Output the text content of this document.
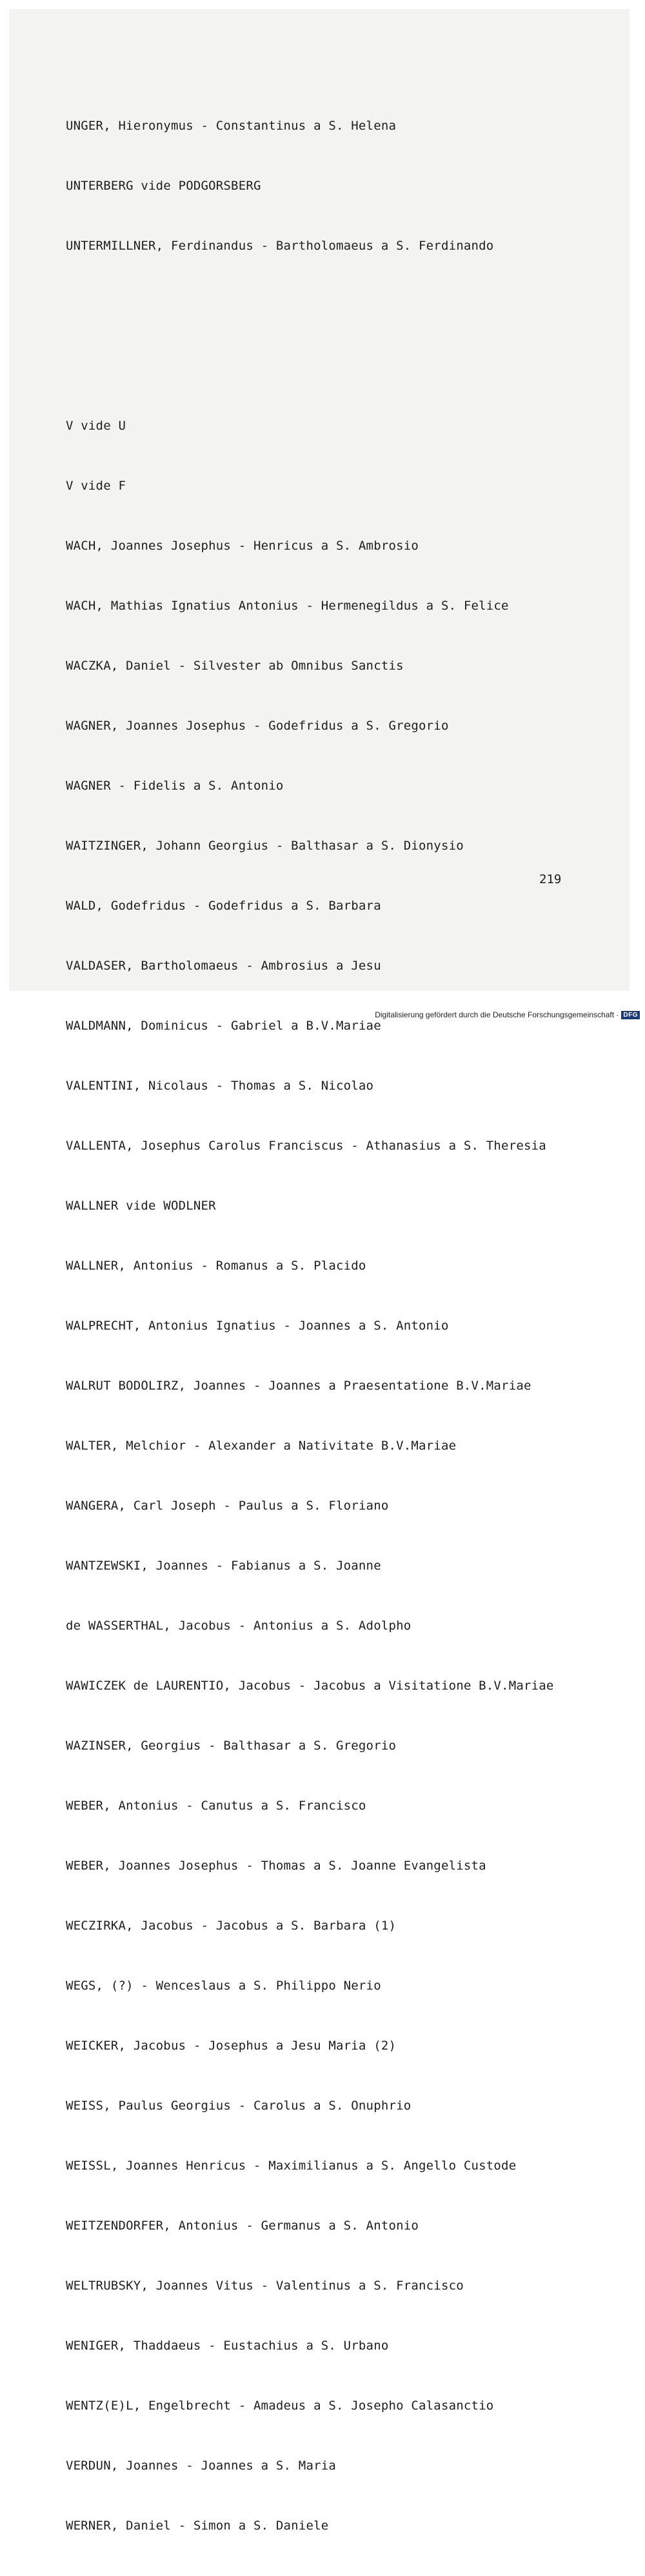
UNGER, Hieronymus - Constantinus a S. Helena

UNTERBERG vide PODGORSBERG

UNTERMILLNER, Ferdinandus - Bartholomaeus a S. Ferdinando

V vide U

V vide F

WACH, Joannes Josephus - Henricus a S. Ambrosio

WACH, Mathias Ignatius Antonius - Hermenegildus a S. Felice

WACZKA, Daniel - Silvester ab Omnibus Sanctis

WAGNER, Joannes Josephus - Godefridus a S. Gregorio

WAGNER - Fidelis a S. Antonio

WAITZINGER, Johann Georgius - Balthasar a S. Dionysio

WALD, Godefridus - Godefridus a S. Barbara

VALDASER, Bartholomaeus - Ambrosius a Jesu

WALDMANN, Dominicus - Gabriel a B.V.Mariae

VALENTINI, Nicolaus - Thomas a S. Nicolao

VALLENTA, Josephus Carolus Franciscus - Athanasius a S. Theresia

WALLNER vide WODLNER

WALLNER, Antonius - Romanus a S. Placido

WALPRECHT, Antonius Ignatius - Joannes a S. Antonio

WALRUT BODOLIRZ, Joannes - Joannes a Praesentatione B.V.Mariae

WALTER, Melchior - Alexander a Nativitate B.V.Mariae

WANGERA, Carl Joseph - Paulus a S. Floriano

WANTZEWSKI, Joannes - Fabianus a S. Joanne

de WASSERTHAL, Jacobus - Antonius a S. Adolpho

WAWICZEK de LAURENTIO, Jacobus - Jacobus a Visitatione B.V.Mariae

WAZINSER, Georgius - Balthasar a S. Gregorio

WEBER, Antonius - Canutus a S. Francisco

WEBER, Joannes Josephus - Thomas a S. Joanne Evangelista

WECZIRKA, Jacobus - Jacobus a S. Barbara (1)

WEGS, (?) - Wenceslaus a S. Philippo Nerio

WEICKER, Jacobus - Josephus a Jesu Maria (2)

WEISS, Paulus Georgius - Carolus a S. Onuphrio

WEISSL, Joannes Henricus - Maximilianus a S. Angello Custode

WEITZENDORFER, Antonius - Germanus a S. Antonio

WELTRUBSKY, Joannes Vitus - Valentinus a S. Francisco

WENIGER, Thaddaeus - Eustachius a S. Urbano

WENTZ(E)L, Engelbrecht - Amadeus a S. Josepho Calasanctio

VERDUN, Joannes - Joannes a S. Maria

WERNER, Daniel - Simon a S. Daniele

219
Digitalisierung gefördert durch die Deutsche Forschungsgemeinschaft · DFG
